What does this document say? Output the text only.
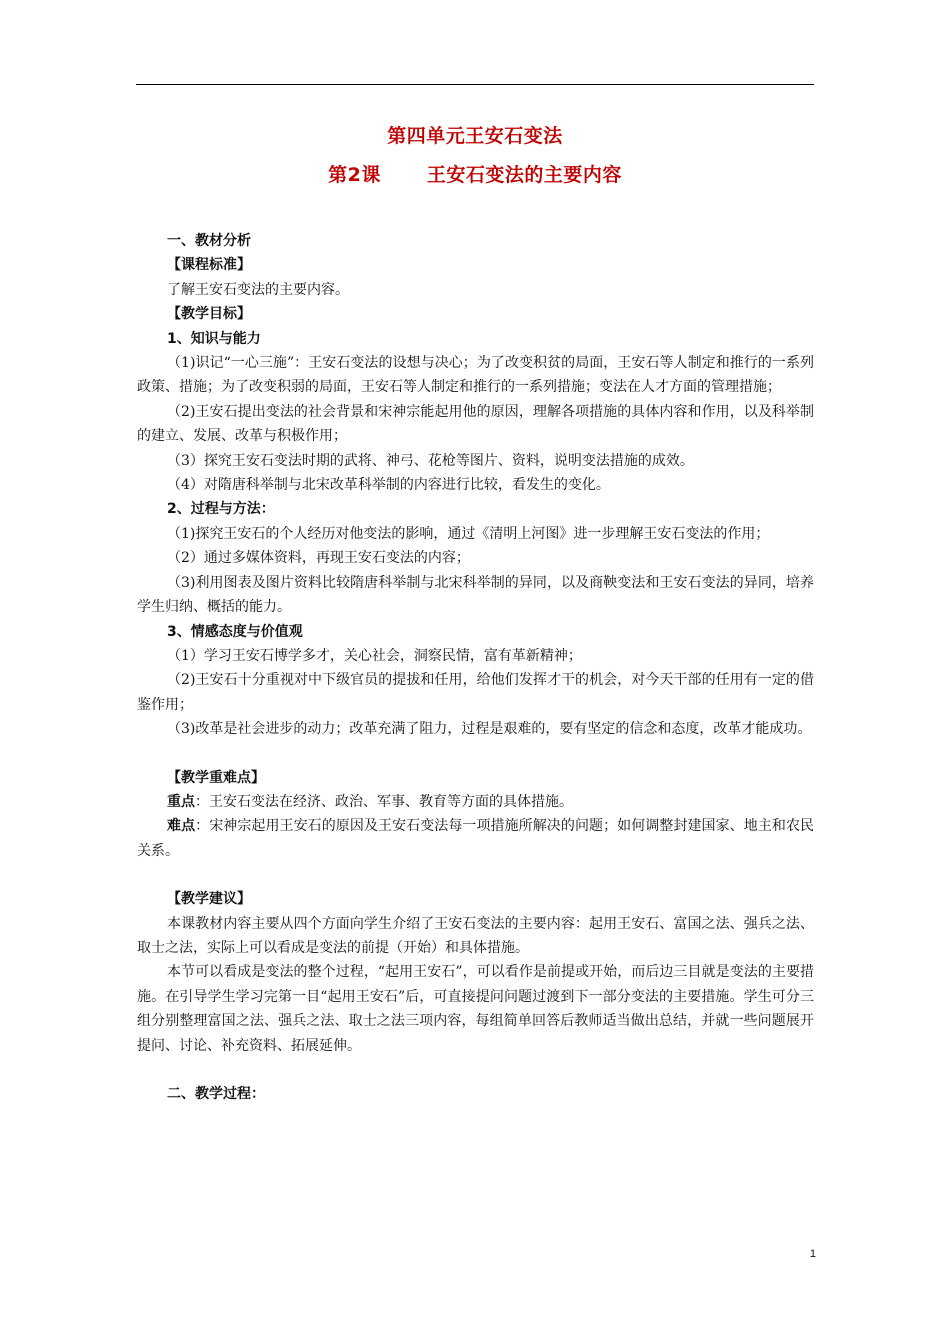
第四单元王安石变法
第2课 王安石变法的主要内容

一、教材分析

【课程标准】

了解王安石变法的主要内容。

【教学目标】

1、知识与能力

（1)识记“一心三施”：王安石变法的设想与决心；为了改变积贫的局面，王安石等人制定和推行的一系列政策、措施；为了改变积弱的局面，王安石等人制定和推行的一系列措施；变法在人才方面的管理措施；

（2)王安石提出变法的社会背景和宋神宗能起用他的原因，理解各项措施的具体内容和作用，以及科举制的建立、发展、改革与积极作用；

（3）探究王安石变法时期的武将、神弓、花枪等图片、资料，说明变法措施的成效。

（4）对隋唐科举制与北宋改革科举制的内容进行比较，看发生的变化。

2、过程与方法：

（1)探究王安石的个人经历对他变法的影响，通过《清明上河图》进一步理解王安石变法的作用；

（2）通过多媒体资料，再现王安石变法的内容；

（3)利用图表及图片资料比较隋唐科举制与北宋科举制的异同，以及商鞅变法和王安石变法的异同，培养学生归纳、概括的能力。

3、情感态度与价值观

（1）学习王安石博学多才，关心社会，洞察民情，富有革新精神；

（2)王安石十分重视对中下级官员的提拔和任用，给他们发挥才干的机会，对今天干部的任用有一定的借鉴作用；

（3)改革是社会进步的动力；改革充满了阻力，过程是艰难的，要有坚定的信念和态度，改革才能成功。

【教学重难点】

重点：王安石变法在经济、政治、军事、教育等方面的具体措施。

难点：宋神宗起用王安石的原因及王安石变法每一项措施所解决的问题；如何调整封建国家、地主和农民关系。

【教学建议】

本课教材内容主要从四个方面向学生介绍了王安石变法的主要内容：起用王安石、富国之法、强兵之法、取士之法，实际上可以看成是变法的前提（开始）和具体措施。

本节可以看成是变法的整个过程，“起用王安石”，可以看作是前提或开始，而后边三目就是变法的主要措施。在引导学生学习完第一目“起用王安石”后，可直接提问问题过渡到下一部分变法的主要措施。学生可分三组分别整理富国之法、强兵之法、取士之法三项内容，每组简单回答后教师适当做出总结，并就一些问题展开提问、讨论、补充资料、拓展延伸。

二、教学过程：

1
